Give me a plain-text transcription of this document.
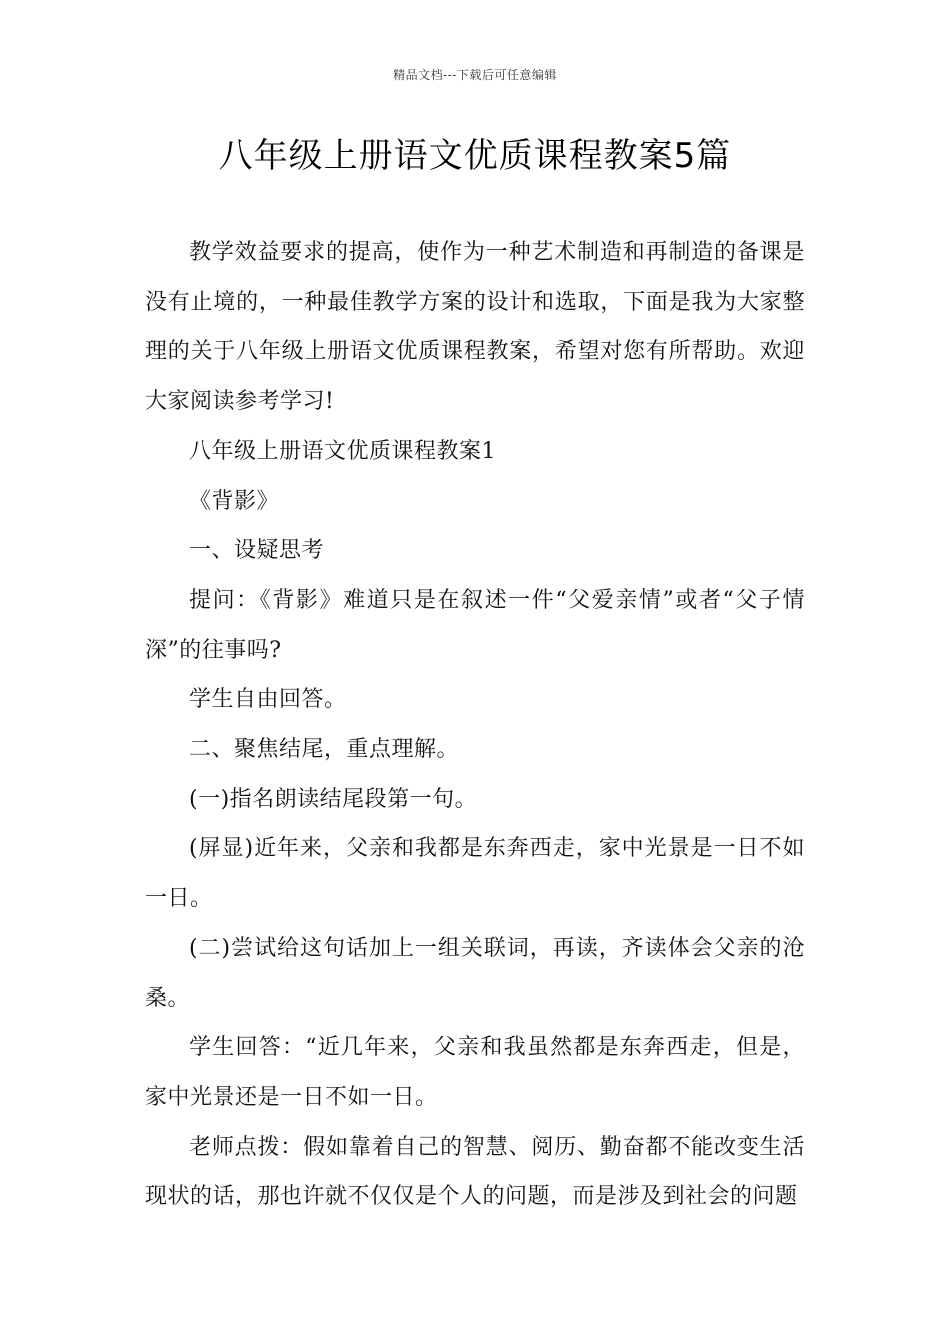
精品文档---下载后可任意编辑
八年级上册语文优质课程教案5篇

教学效益要求的提高，使作为一种艺术制造和再制造的备课是没有止境的，一种最佳教学方案的设计和选取，下面是我为大家整理的关于八年级上册语文优质课程教案，希望对您有所帮助。欢迎大家阅读参考学习!

八年级上册语文优质课程教案1

《背影》

一、设疑思考

提问：《背影》难道只是在叙述一件“父爱亲情”或者“父子情深”的往事吗?

学生自由回答。

二、聚焦结尾，重点理解。

(一)指名朗读结尾段第一句。

(屏显)近年来，父亲和我都是东奔西走，家中光景是一日不如一日。

(二)尝试给这句话加上一组关联词，再读，齐读体会父亲的沧桑。

学生回答：“近几年来，父亲和我虽然都是东奔西走，但是，家中光景还是一日不如一日。

老师点拨：假如靠着自己的智慧、阅历、勤奋都不能改变生活现状的话，那也许就不仅仅是个人的问题，而是涉及到社会的问题
